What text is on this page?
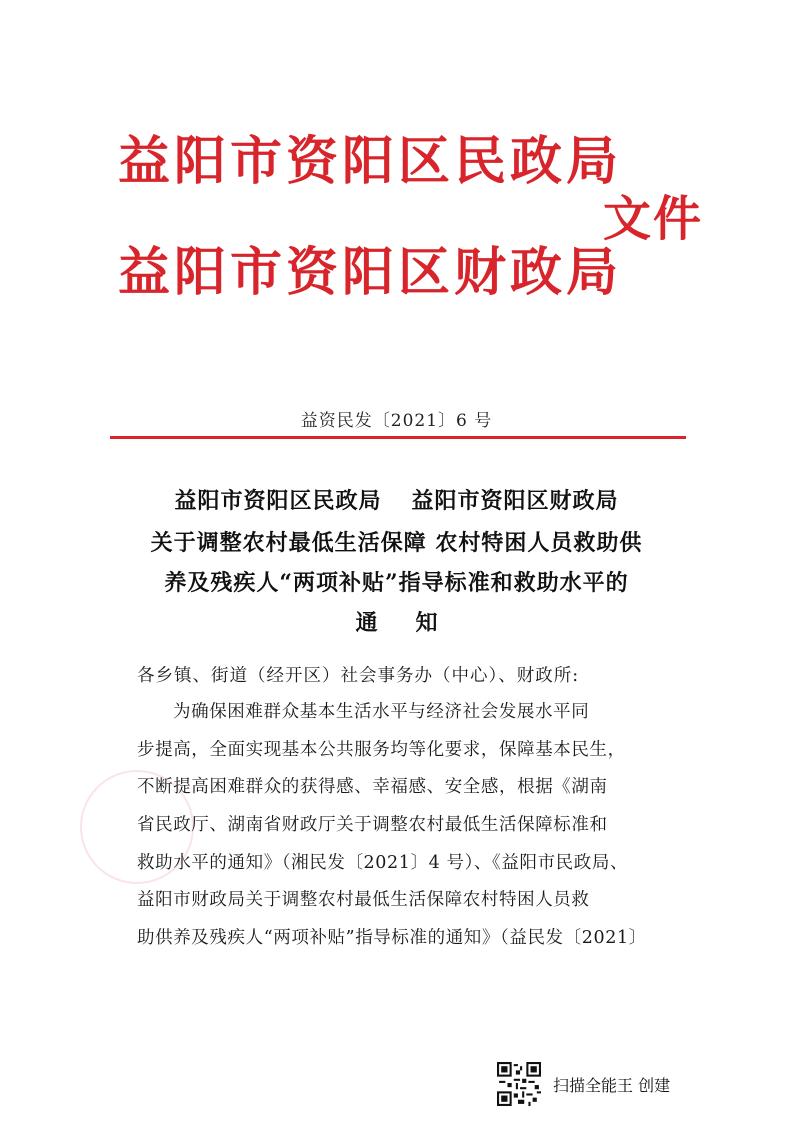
益阳市资阳区民政局
益阳市资阳区财政局
文件
益资民发〔2021〕6 号
益阳市资阳区民政局 益阳市资阳区财政局
关于调整农村最低生活保障 农村特困人员救助供
养及残疾人“两项补贴”指导标准和救助水平的
通知
各乡镇、街道（经开区）社会事务办（中心）、财政所:
为确保困难群众基本生活水平与经济社会发展水平同
步提高，全面实现基本公共服务均等化要求，保障基本民生，
不断提高困难群众的获得感、幸福感、安全感，根据《湖南
省民政厅、湖南省财政厅关于调整农村最低生活保障标准和
救助水平的通知》（湘民发〔2021〕4 号）、《益阳市民政局、
益阳市财政局关于调整农村最低生活保障农村特困人员救
助供养及残疾人“两项补贴”指导标准的通知》（益民发〔2021〕
扫描全能王 创建
